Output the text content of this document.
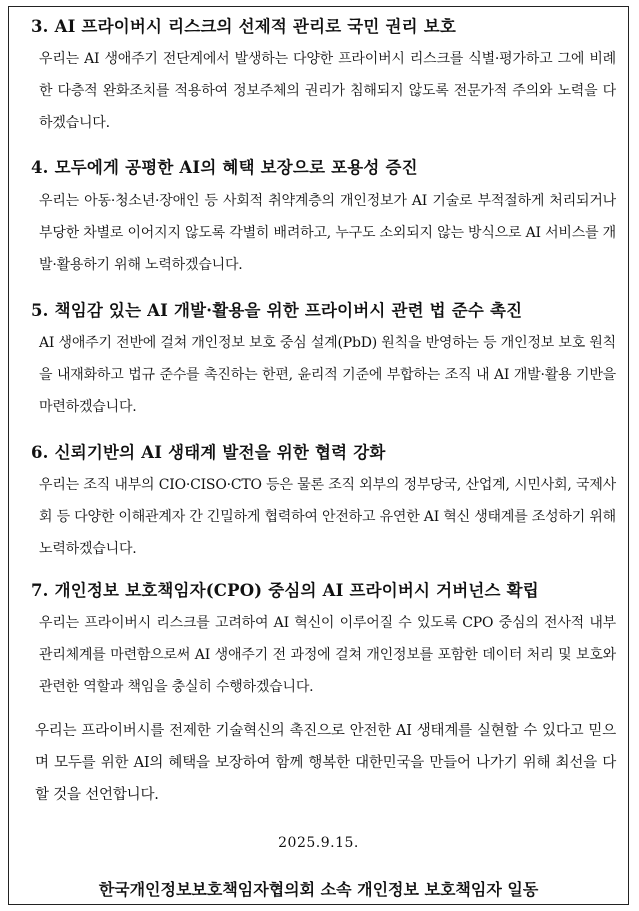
3. AI 프라이버시 리스크의 선제적 관리로 국민 권리 보호
우리는 AI 생애주기 전단계에서 발생하는 다양한 프라이버시 리스크를 식별·평가하고 그에 비례한 다층적 완화조치를 적용하여 정보주체의 권리가 침해되지 않도록 전문가적 주의와 노력을 다하겠습니다.
4. 모두에게 공평한 AI의 혜택 보장으로 포용성 증진
우리는 아동·청소년·장애인 등 사회적 취약계층의 개인정보가 AI 기술로 부적절하게 처리되거나 부당한 차별로 이어지지 않도록 각별히 배려하고, 누구도 소외되지 않는 방식으로 AI 서비스를 개발·활용하기 위해 노력하겠습니다.
5. 책임감 있는 AI 개발·활용을 위한 프라이버시 관련 법 준수 촉진
AI 생애주기 전반에 걸쳐 개인정보 보호 중심 설계(PbD) 원칙을 반영하는 등 개인정보 보호 원칙을 내재화하고 법규 준수를 촉진하는 한편, 윤리적 기준에 부합하는 조직 내 AI 개발·활용 기반을 마련하겠습니다.
6. 신뢰기반의 AI 생태계 발전을 위한 협력 강화
우리는 조직 내부의 CIO·CISO·CTO 등은 물론 조직 외부의 정부당국, 산업계, 시민사회, 국제사회 등 다양한 이해관계자 간 긴밀하게 협력하여 안전하고 유연한 AI 혁신 생태계를 조성하기 위해 노력하겠습니다.
7. 개인정보 보호책임자(CPO) 중심의 AI 프라이버시 거버넌스 확립
우리는 프라이버시 리스크를 고려하여 AI 혁신이 이루어질 수 있도록 CPO 중심의 전사적 내부 관리체계를 마련함으로써 AI 생애주기 전 과정에 걸쳐 개인정보를 포함한 데이터 처리 및 보호와 관련한 역할과 책임을 충실히 수행하겠습니다.
우리는 프라이버시를 전제한 기술혁신의 촉진으로 안전한 AI 생태계를 실현할 수 있다고 믿으며 모두를 위한 AI의 혜택을 보장하여 함께 행복한 대한민국을 만들어 나가기 위해 최선을 다할 것을 선언합니다.
2025.9.15.
한국개인정보보호책임자협의회 소속 개인정보 보호책임자 일동
